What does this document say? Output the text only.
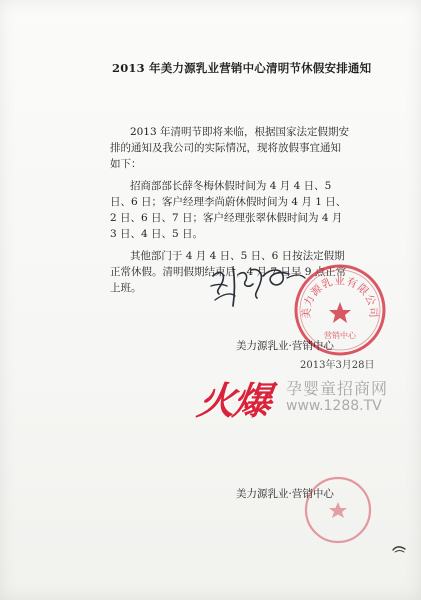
2013 年美力源乳业营销中心清明节休假安排通知

2013 年清明节即将来临，根据国家法定假期安排的通知及我公司的实际情况，现将放假事宜通知如下：

招商部部长薛冬梅休假时间为 4 月 4 日、5 日、6 日；客户经理李尚蔚休假时间为 4 月 1 日、2 日、6 日、7 日；客户经理张翠休假时间为 4 月 3 日、4 日、5 日。

其他部门于 4 月 4 日、5 日、6 日按法定假期正常休假。清明假期结束后，4 月 7 日早 9 点正常上班。

美力源乳业有限公司
营销中心
美力源乳业·营销中心
2013年3月28日
火爆 孕婴童招商网
www.1288.TV
美力源乳业·营销中心
